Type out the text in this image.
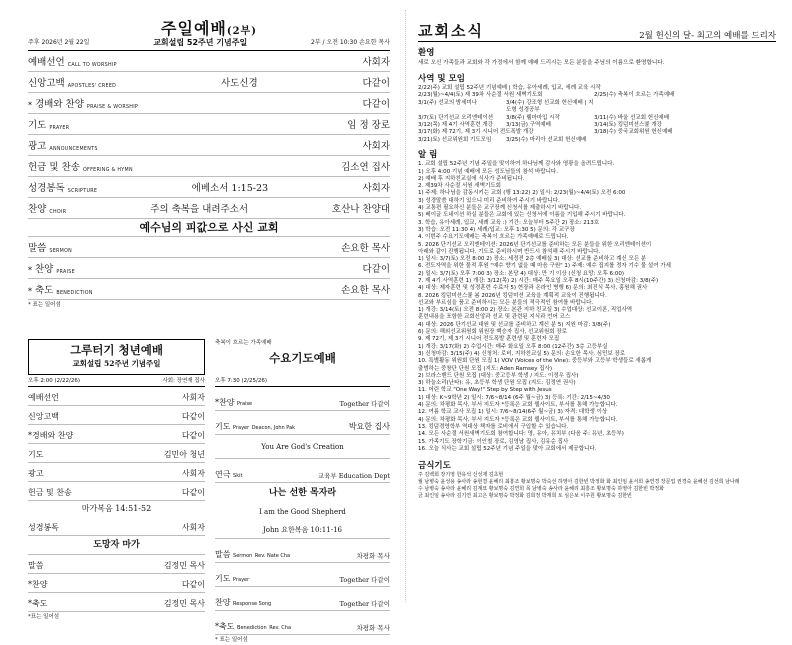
주일예배(2부)
주후 2026년 2월 22일	교회설립 52주년 기념주일	2부 / 오전 10:30 손요한 목사
예배선언 CALL TO WORSHIP	사회자
신앙고백 APOSTLES' CREED	사도신경	다같이
* 경배와 찬양 PRAISE & WORSHIP	다같이
기도 PRAYER	임 정 장로
광고 ANNOUNCEMENTS	사회자
헌금 및 찬송 OFFERING & HYMN	김소연 집사
성경봉독 SCRIPTURE	에베소서 1:15-23	사회자
찬양 CHOIR	주의 축복을 내려주소서	호산나 찬양대
예수님의 피값으로 사신 교회
말씀 SERMON	손요한 목사
* 찬양 PRAISE	다같이
* 축도 BENEDICTION	손요한 목사
* 표는 일어섬
그루터기 청년예배
교회설립 52주년 기념주일
오후 2:00 (2/22/26)	사회: 장연재 집사
예배선언	사회자
신앙고백	다같이
*경배와 찬양	다같이
기도	김민아 청년
광고	사회자
헌금 및 찬송	다같이
마가복음 14:51-52
성경봉독	사회자
도망자 마가
말씀	김정민 목사
*찬양	다같이
*축도	김정민 목사
*표는 일어섬
축복이 흐르는 가족예배
수요기도예배
오후 7:30 (2/25/26)
*찬양 Praise	Together 다같이
기도 Prayer Deacon, John Pak	박요한 집사
You Are God's Creation
연극 Skit	교육부 Education Dept
나는 선한 목자라
I am the Good Shepherd
John 요한복음 10:11-16
말씀 Sermon Rev. Nate Cha	차평화 목사
기도 Prayer	Together 다같이
찬양 Response Song	Together 다같이
*축도 Benediction Rev. Cha	차평화 목사
* 표는 일어섬
교회소식	2월 헌신의 달- 최고의 예배를 드리자
환영
새로 오신 가족들과 교회와 각 가정에서 함께 예배 드리시는 모든 분들을 주님의 이름으로 환영합니다.
사역 및 모임
2/22(주) 교회 설립 52주년 기념예배 | 학습, 유아세례, 입교, 세례 교육 시작
2/23(월)~4/4(토) 제 39차 사순절 서원 새벽기도회	2/25(수) 축복이 흐르는 가족예배
3/1(주) 선교의 밤세미나	3/4(수) 강조형 선교회 헌신예배 | 지도형 성경공부
3/7(토) 단기선교 오리엔테이션	3/8(주) 웰마마입 시작	3/11(수) 바울 선교회 헌신예배
3/12(목) 제 4기 사역훈련 개강	3/13(금) 구역예배	3/14(토) 킹덤미션스쿨 개강
3/17(화) 제 72기, 제 3기 시니어 전도폭발 개강	3/18(수) 중국교회위원 헌신예배
3/21(토) 선교위원회 기도모임	3/25(수) 마리아 선교회 헌신예배
알 림
1. 교회 설립 52주년 기념 주일을 맞이하여 하나님께 감사와 영광을 올려드립니다.
1) 오후 4:00 기념 예배에 모든 성도님들의 참석 바랍니다.
2) 예배 후 지하친교실에 식사가 준비됩니다.
2. 제39차 사순절 서원 새벽기도회
1) 주제: 하나님을 감동시키는 교회 (행 13:22) 2) 일시: 2/23(월)~4/4(토) 오전 6:00
3) 성경말씀 대하기 있으니 미리 준비하여 주시기 바랍니다.
4) 교통편 필요하신 분들은 교구장께 신청서를 제출하시기 바랍니다.
5) 베이글 도네이션 하실 분들은 교회에 있는 신청서에 이름을 기입해 주시기 바랍니다.
3. 학습, 유아세례, 입교, 세례 교육 :) 기간: 오늘부터 5주간 2) 장소: 213호
3) 학습: 오전 11:30 4) 세례/입교: 오후 1:30 5) 문의: 각 교구장
4. 이번주 수요기도예배는 축복이 흐르는 가족예배로 드립니다.
5. 2026 단기선교 오리엔테이션: 2026년 단기선교를 준비하는 모든 분들을 위한 오리엔테이션이
아래와 같이 진행됩니다. 기도로 준비하시며 반드시 참석해 주시기 바랍니다.
1) 일시: 3/7(토) 오전 8:00 2) 장소: 세정전 2층 예배실 3) 대상: 선교를 준비하고 계신 모든 분
6. 전도자역을 위한 물적 후원 "예수 향기 없을 때 마음 구원" 1) 주제: 예수 집지를 정자 기수 물 설여 가세
2) 일시: 3/7(토) 오후 7:00 3) 장소: 본당 4) 대상: 만 기 이상 (신청 요망: 오후 6:00)
7. 제 4기 사역훈련 1) 개강: 3/12(목) 2) 시간: 매주 목요일 오후 8시(10주간) 3) 신청마감: 3/8(주)
4) 대상: 제자훈련 및 성경훈련 수료자 5) 현장과 온라인 병행 6) 문의: 최진식 목사, 홍원해 권사
8. 2026 킹덤미션스쿨 봄 2026년 킹덤미션 교육을 계획적 교육이 진행됩니다.
선교와 부르심을 품고 준비하시는 모든 분들의 적극적인 참여를 바랍니다.
1) 개강: 3/14(토) 오전 8:00 2) 장소: 본관 지하 친교실 3) 수업대상: 선교이론, 직업사역
훈련내용을 포함한 교회신앙과 선교 및 관련된 지식과 언어 코스
4) 대상: 2026 단기선교 대원 및 선교를 준비하고 계신 분 5) 지원 마감: 3/8(주)
6) 문의: 해외선교위원회 위원장 백승자 집사, 선교위원회 장로
9. 제 72기, 제 3기 시니어 전도폭발 훈련생 및 훈련자 모집
1) 개강: 3/17(화) 2) 수업시간: 매주 화요일 오후 8:00 (12주간) 3층 고등부실
3) 신청마감: 3/15(주) 4) 신청처: 로비, 지하친교실 5) 문의: 손요한 목사, 심민보 장로
10. 특별활동 위원회 단원 모집 1) VOV (Voices of the Vine): 중등부와 고등부 학생들로 새롭게
출범하는 중창단 단원 모집 (지도: Aden Ramsey 집사)
2) 브라스밴드 단원 모집 (대상: 중고등부 학생 / 지도: 이정우 집사)
3) 하늘소리(난타): 유, 초등부 학생 단원 모집 (지도: 김정연 권사)
11. 어린 학교 "One Way!" Step by Step with Jesus
1) 대상: K~9학년 2) 일시: 7/6~8/14 (6주 월~금) 3) 등록: 기간: 2/15~4/30
4) 문의: 차평화 목사, 부서 지도자 *등록은 교회 웹사이트, 부서를 통해 가능합니다.
12. 여름 학교 교사 모집 1) 일시: 7/6~8/14(6주 월~금) 3) 자격: 대학생 이상
4) 문의: 차평화 목사, 부서 지도자 *등록은 교회 웹사이트, 부서를 통해 가능합니다.
13. 킹덤경영학부 역대상 책자를 로비에서 구입할 수 있습니다.
14. 모든 사순절 서원새벽기도회 참여합니다: 영, 유아, 유치부 (다음 주: 유년, 초등부)
15. 가족기도 장학기금: 이인철 장로, 김영남 집사, 김유순 집사
16. 오늘 식사는 교회 설립 52주년 기념 주일을 맞아 교회에서 제공합니다.
금식기도
주 김백희 장기영 한유석 신성재 김초현
월 남병숙 윤성용 송사라 송현결 윤혜리 최흥조 황보명숙 박숙선 하영아 김한빈 박정화 화 최인임 윤서희 송연경 장문업 권경숙 윤혜선 김선희 남나래
수 남병숙 송사라 윤혜리 김계묘 황보명숙 김연희 목 남병숙 송사라 윤혜리 최흥조 황보명숙 하영아 김한빈 박정화
금 최인임 송사라 김기연 최고은 황보명숙 박정화 김희정 박재희 토 심은보 이주원 황보명숙 김한빈
